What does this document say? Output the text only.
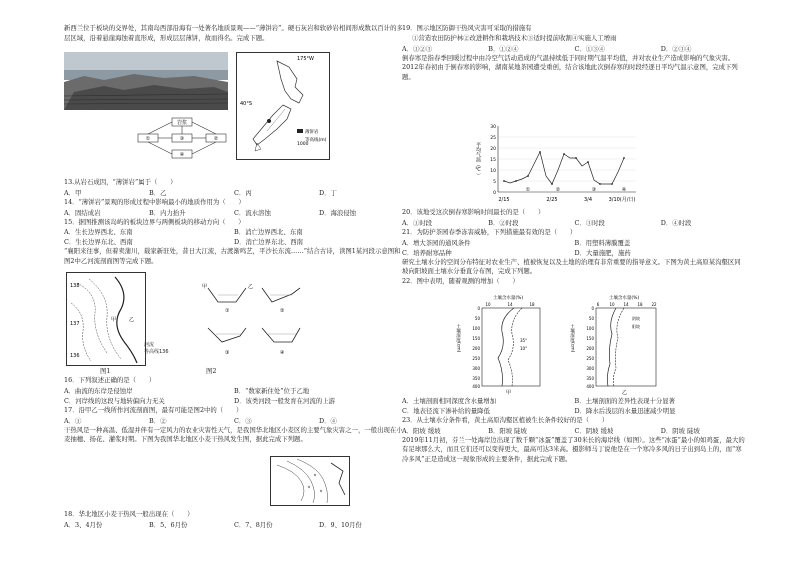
新西兰位于板块的交界处，其南岛西部沿海有一处著名地质景观——“薄饼岩”。硬石灰岩和软砂岩相间形成数以百计的多层区域，沿着悬崖海蚀着直形成，形成层层薄饼，故而得名。完成下题。

岩浆
①	②
③
④
175°W
40°S
薄饼岩
1000
等高线(m)

13.从岩石成因，“薄饼岩”属于（　　）

A．甲	B．乙	C．丙	D．丁

14．“薄饼岩”景观的形成过程中影响最小的地质作用为（　　）

A．固结成岩	B．内力抬升	C．流水溶蚀	D．海浪侵蚀

15．据图推测该岛屿的板块边界与两侧板块的移动方向（　　）

A．生长边界西北、东南	B．消亡边界西北、东南
C．生长边界东北、西南	D．消亡边界东北、西南

“襄阳来往事，但着卖蒲川，载家新驻处，昔日大江流，古渡渐鸣艺，平沙长东流……”结合古诗，读图1某河段示意图和图2中乙河流剖面图等完成下题。

138
136
137
甲	乙
河流
等高线136
图1
甲	乙
①	②
③	④
图2

16．下列叙述正确的是（　　）

A．曲流的东岸是侵蚀岸	B．“数家新住处”位于乙地
C．河岸线的这段与地转偏向力无关	D．该类河段一般发育在河流的上游

17．沿甲乙一线所作河流剖面图，最有可能是图2中的（　　）

A．①	B．②	C．③	D．④

干热风是一种高温、低湿并伴有一定风力的农业灾害性天气，是我国华北地区小麦区的主要气象灾害之一，一般出现在小麦抽穗、扬花、灌浆时期。下图为我国华北地区小麦干热风发生图，据此完成下列题。

18．华北地区小麦干热风一般出现在（　　）

A．3、4月份	B．5、6月份	C．7、8月份	D．9、10月份

19．图示地区防御干热风灾害可采取的措施有

①营造农田防护林②改进耕作和栽培技术③适时提前收割④实施人工增雨

A．①②③	B．①②④	C．①③④	D．②③④

倒春寒是指春季回暖过程中由冷空气活动造成的气温持续低于同时期气温平均值，并对农业生产造成影响的气象灾害。2012年春初由于倒春寒的影响，湖南某地茶园遭受重创，结合该地此次倒春寒的时段经逐日平均气温示意图，完成下列题。

平均气温（℃）
0
5
10
15
20
25
30
①	②	③	④
2/15	2/25	3/4	3/10(月/日)

20．该地受这次倒春寒影响时间最长的是（　　）

A．①时段	B．②时段	C．③时段	D．④时段

21．为防护茶园春季冻害威胁，下列措施最有效的是（　　）

A．增大茶园的通风条件	B．用塑料薄膜覆盖
C．培养耐寒品种	D．大量施肥，施药

研究土壤水分的空间分布特征对农业生产、植被恢复以及土地的治理有非常重要的指导意义。下图为黄土高原某沟壑区同坡向阳坡面土壤水分垂直分布图，完成下列题。

22．图中表明，随着观测的增加（　　）

土壤含水量(%)
10	14	18
0
50
100
150
200
250
300
350
400
土壤深度(cm)	35°
10°
甲
土壤含水量(%)
6	10 14 18 22
0
50
100
150
200
250
300
350
400
土壤深度(cm)
阴坡
阳坡
乙
A．土壤剖面相同深度含水量增加	B．土壤剖面的差异性表现十分显著
C．地表径流下渗补给的量降低	D．降水后浅层的水量迅速减少明显

23．从土壤水分条件看，黄土高原沟壑区植被生长条件较好的是（　　）

A．阳坡 缓坡	B．阳坡 陡坡	C．阴坡 缓坡	D．阴坡 陡坡

2019年11月初，芬兰一处海岸边出现了数千颗“冰蛋”覆盖了30米长的海岸线（如图）。这些“冰蛋”最小的如鸡蛋，最大的有足球那么大，而且它们还可以变得更大，最高可达3米高。摄影师马丁说他是在一个寒冷多风的日子出到岛上的，而“寒冷多风”正是造成这一现象形成的主要条件，据此完成下题。
